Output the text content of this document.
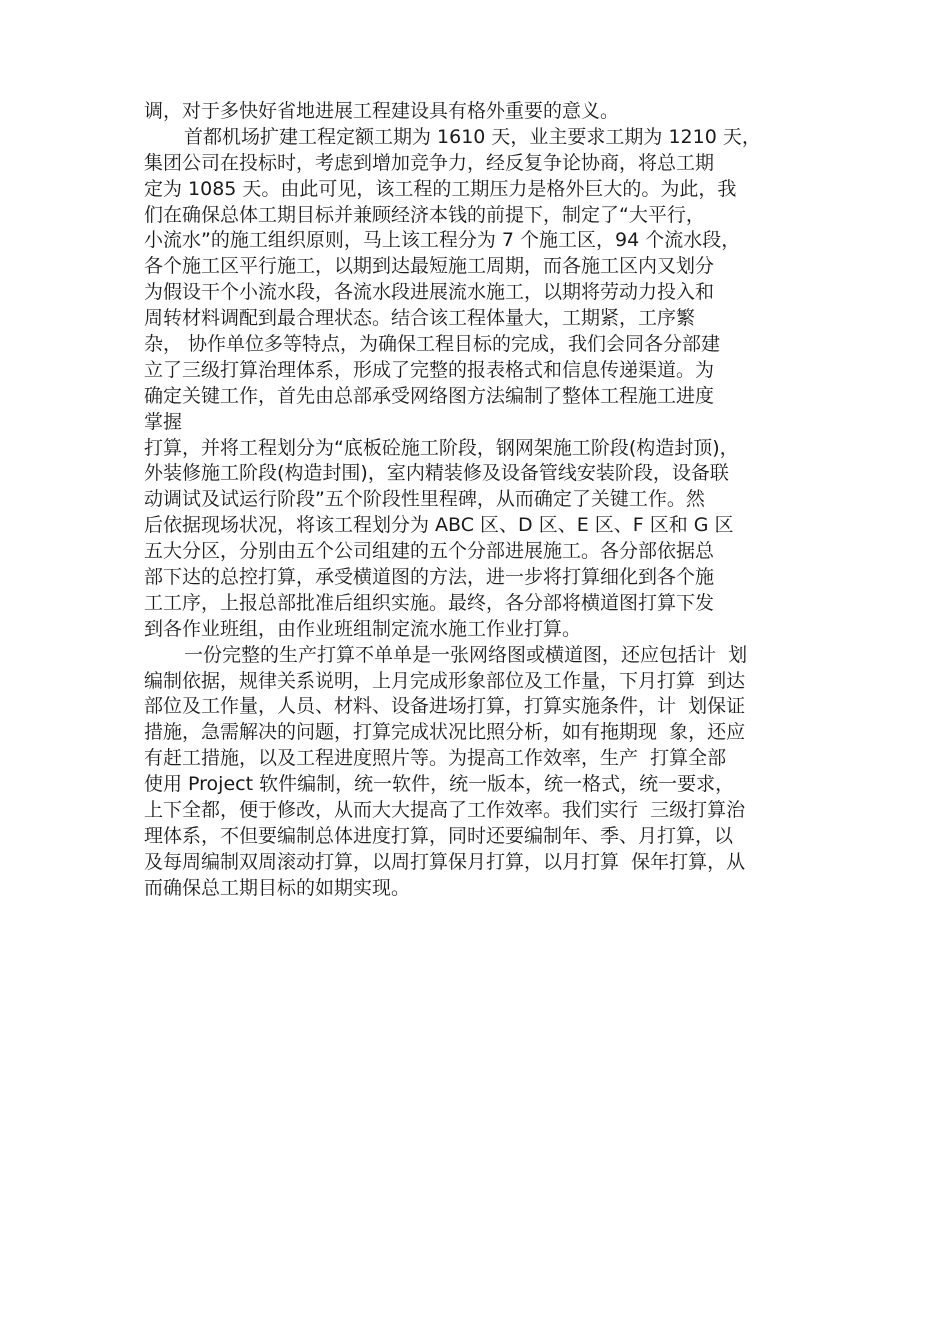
调，对于多快好省地进展工程建设具有格外重要的意义。
首都机场扩建工程定额工期为 1610 天，业主要求工期为 1210 天，
集团公司在投标时，考虑到增加竞争力，经反复争论协商，将总工期
定为 1085 天。由此可见，该工程的工期压力是格外巨大的。为此，我
们在确保总体工期目标并兼顾经济本钱的前提下，制定了“大平行，
小流水”的施工组织原则，马上该工程分为 7 个施工区，94 个流水段，
各个施工区平行施工，以期到达最短施工周期，而各施工区内又划分
为假设干个小流水段，各流水段进展流水施工，以期将劳动力投入和
周转材料调配到最合理状态。结合该工程体量大，工期紧，工序繁
杂， 协作单位多等特点，为确保工程目标的完成，我们会同各分部建
立了三级打算治理体系，形成了完整的报表格式和信息传递渠道。为
确定关键工作，首先由总部承受网络图方法编制了整体工程施工进度
掌握
打算，并将工程划分为“底板砼施工阶段，钢网架施工阶段(构造封顶)，
外装修施工阶段(构造封围)，室内精装修及设备管线安装阶段，设备联
动调试及试运行阶段”五个阶段性里程碑，从而确定了关键工作。然
后依据现场状况，将该工程划分为 ABC 区、D 区、E 区、F 区和 G 区
五大分区，分别由五个公司组建的五个分部进展施工。各分部依据总
部下达的总控打算，承受横道图的方法，进一步将打算细化到各个施
工工序，上报总部批准后组织实施。最终，各分部将横道图打算下发
到各作业班组，由作业班组制定流水施工作业打算。
一份完整的生产打算不单单是一张网络图或横道图，还应包括计  划
编制依据，规律关系说明，上月完成形象部位及工作量，下月打算  到达
部位及工作量，人员、材料、设备进场打算，打算实施条件，计  划保证
措施，急需解决的问题，打算完成状况比照分析，如有拖期现  象，还应
有赶工措施，以及工程进度照片等。为提高工作效率，生产  打算全部
使用 Project 软件编制，统一软件，统一版本，统一格式，统一要求，
上下全都，便于修改，从而大大提高了工作效率。我们实行  三级打算治
理体系，不但要编制总体进度打算，同时还要编制年、季、月打算，以
及每周编制双周滚动打算，以周打算保月打算，以月打算  保年打算，从
而确保总工期目标的如期实现。
